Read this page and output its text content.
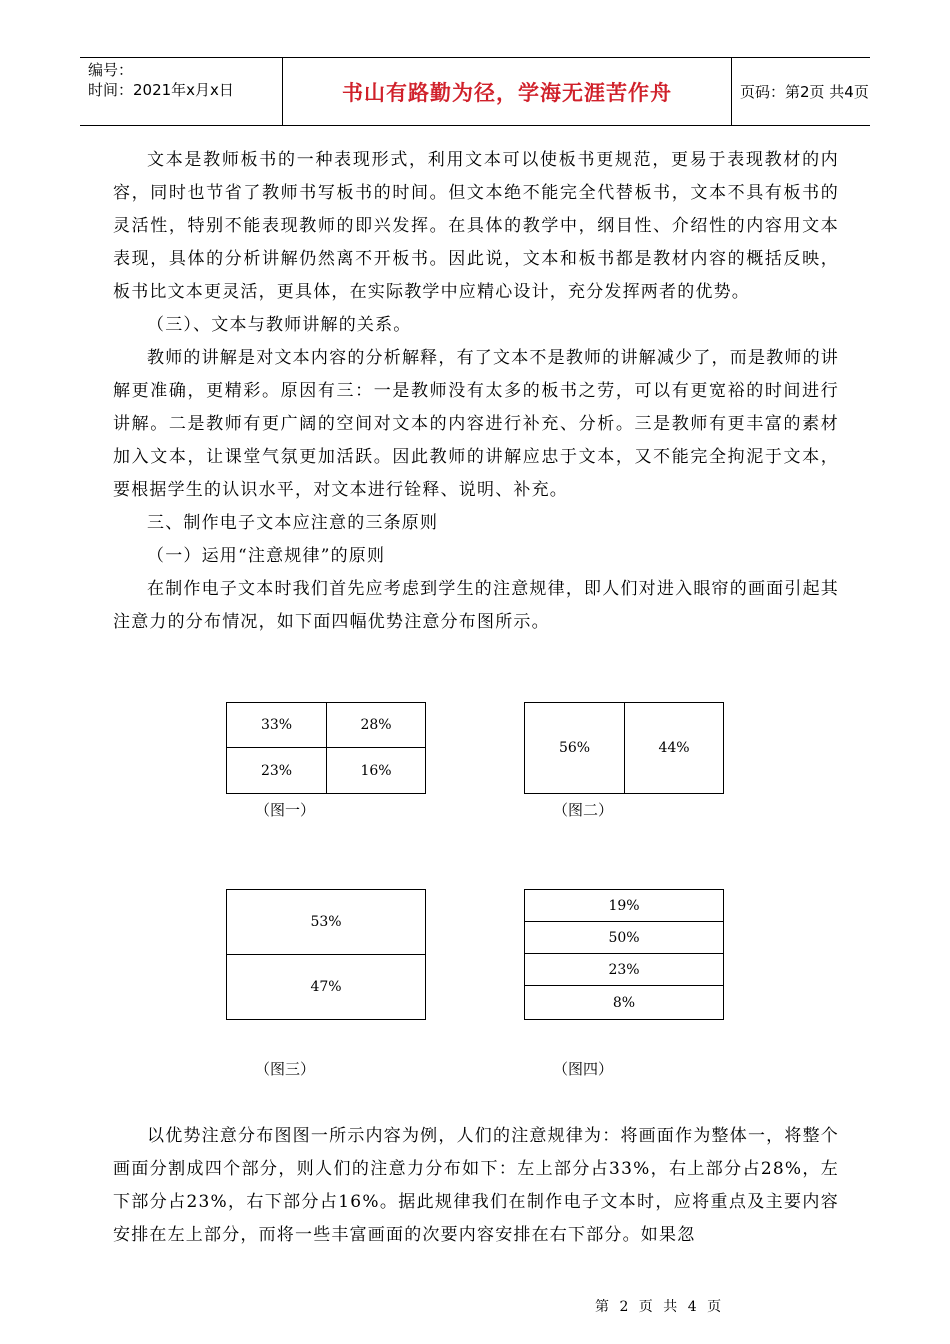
编号：
时间：2021年x月x日	书山有路勤为径，学海无涯苦作舟	页码：第2页 共4页

文本是教师板书的一种表现形式，利用文本可以使板书更规范，更易于表现教材的内容，同时也节省了教师书写板书的时间。但文本绝不能完全代替板书，文本不具有板书的灵活性，特别不能表现教师的即兴发挥。在具体的教学中，纲目性、介绍性的内容用文本表现，具体的分析讲解仍然离不开板书。因此说，文本和板书都是教材内容的概括反映，板书比文本更灵活，更具体，在实际教学中应精心设计，充分发挥两者的优势。

（三）、文本与教师讲解的关系。

教师的讲解是对文本内容的分析解释，有了文本不是教师的讲解减少了，而是教师的讲解更准确，更精彩。原因有三：一是教师没有太多的板书之劳，可以有更宽裕的时间进行讲解。二是教师有更广阔的空间对文本的内容进行补充、分析。三是教师有更丰富的素材加入文本，让课堂气氛更加活跃。因此教师的讲解应忠于文本，又不能完全拘泥于文本，要根据学生的认识水平，对文本进行铨释、说明、补充。

三、制作电子文本应注意的三条原则

（一）运用“注意规律”的原则

在制作电子文本时我们首先应考虑到学生的注意规律，即人们对进入眼帘的画面引起其注意力的分布情况，如下面四幅优势注意分布图所示。

33%	28%
23%	16%
（图一）
56%	44%
（图二）
53%
47%
（图三）
19%
50%
23%
8%
（图四）

以优势注意分布图图一所示内容为例，人们的注意规律为：将画面作为整体一，将整个画面分割成四个部分，则人们的注意力分布如下：左上部分占33%，右上部分占28%，左下部分占23%，右下部分占16%。据此规律我们在制作电子文本时，应将重点及主要内容安排在左上部分，而将一些丰富画面的次要内容安排在右下部分。如果忽

第 2 页 共 4 页
